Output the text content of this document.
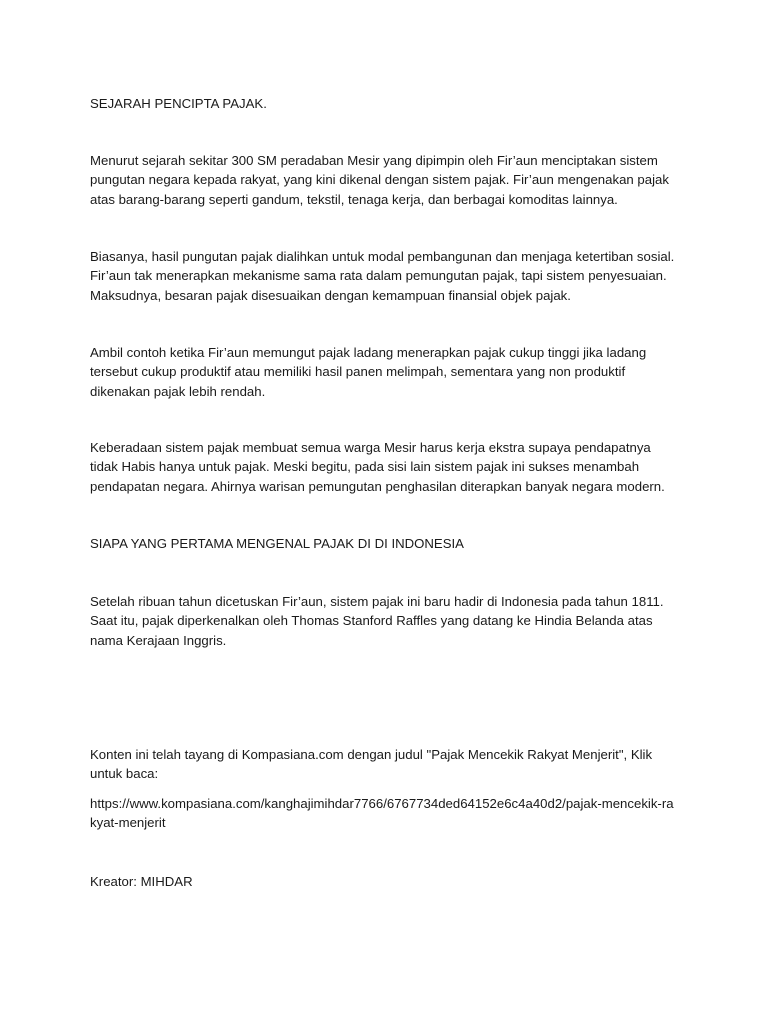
SEJARAH PENCIPTA PAJAK.

Menurut sejarah sekitar 300 SM peradaban Mesir yang dipimpin oleh Fir’aun menciptakan sistem pungutan negara kepada rakyat, yang kini dikenal dengan sistem pajak. Fir’aun mengenakan pajak atas barang-barang seperti gandum, tekstil, tenaga kerja, dan berbagai komoditas lainnya.

Biasanya, hasil pungutan pajak dialihkan untuk modal pembangunan dan menjaga ketertiban sosial. Fir’aun tak menerapkan mekanisme sama rata dalam pemungutan pajak, tapi sistem penyesuaian. Maksudnya, besaran pajak disesuaikan dengan kemampuan finansial objek pajak.

Ambil contoh ketika Fir’aun memungut pajak ladang menerapkan pajak cukup tinggi jika ladang tersebut cukup produktif atau memiliki hasil panen melimpah, sementara yang non produktif dikenakan pajak lebih rendah.

Keberadaan sistem pajak membuat semua warga Mesir harus kerja ekstra supaya pendapatnya tidak Habis hanya untuk pajak. Meski begitu, pada sisi lain sistem pajak ini sukses menambah pendapatan negara. Ahirnya warisan pemungutan penghasilan diterapkan banyak negara modern.

SIAPA YANG PERTAMA MENGENAL PAJAK DI DI INDONESIA

Setelah ribuan tahun dicetuskan Fir’aun, sistem pajak ini baru hadir di Indonesia pada tahun 1811. Saat itu, pajak diperkenalkan oleh Thomas Stanford Raffles yang datang ke Hindia Belanda atas nama Kerajaan Inggris.

Konten ini telah tayang di Kompasiana.com dengan judul "Pajak Mencekik Rakyat Menjerit", Klik untuk baca:

https://www.kompasiana.com/kanghajimihdar7766/6767734ded64152e6c4a40d2/pajak-mencekik-rakyat-menjerit

Kreator: MIHDAR
